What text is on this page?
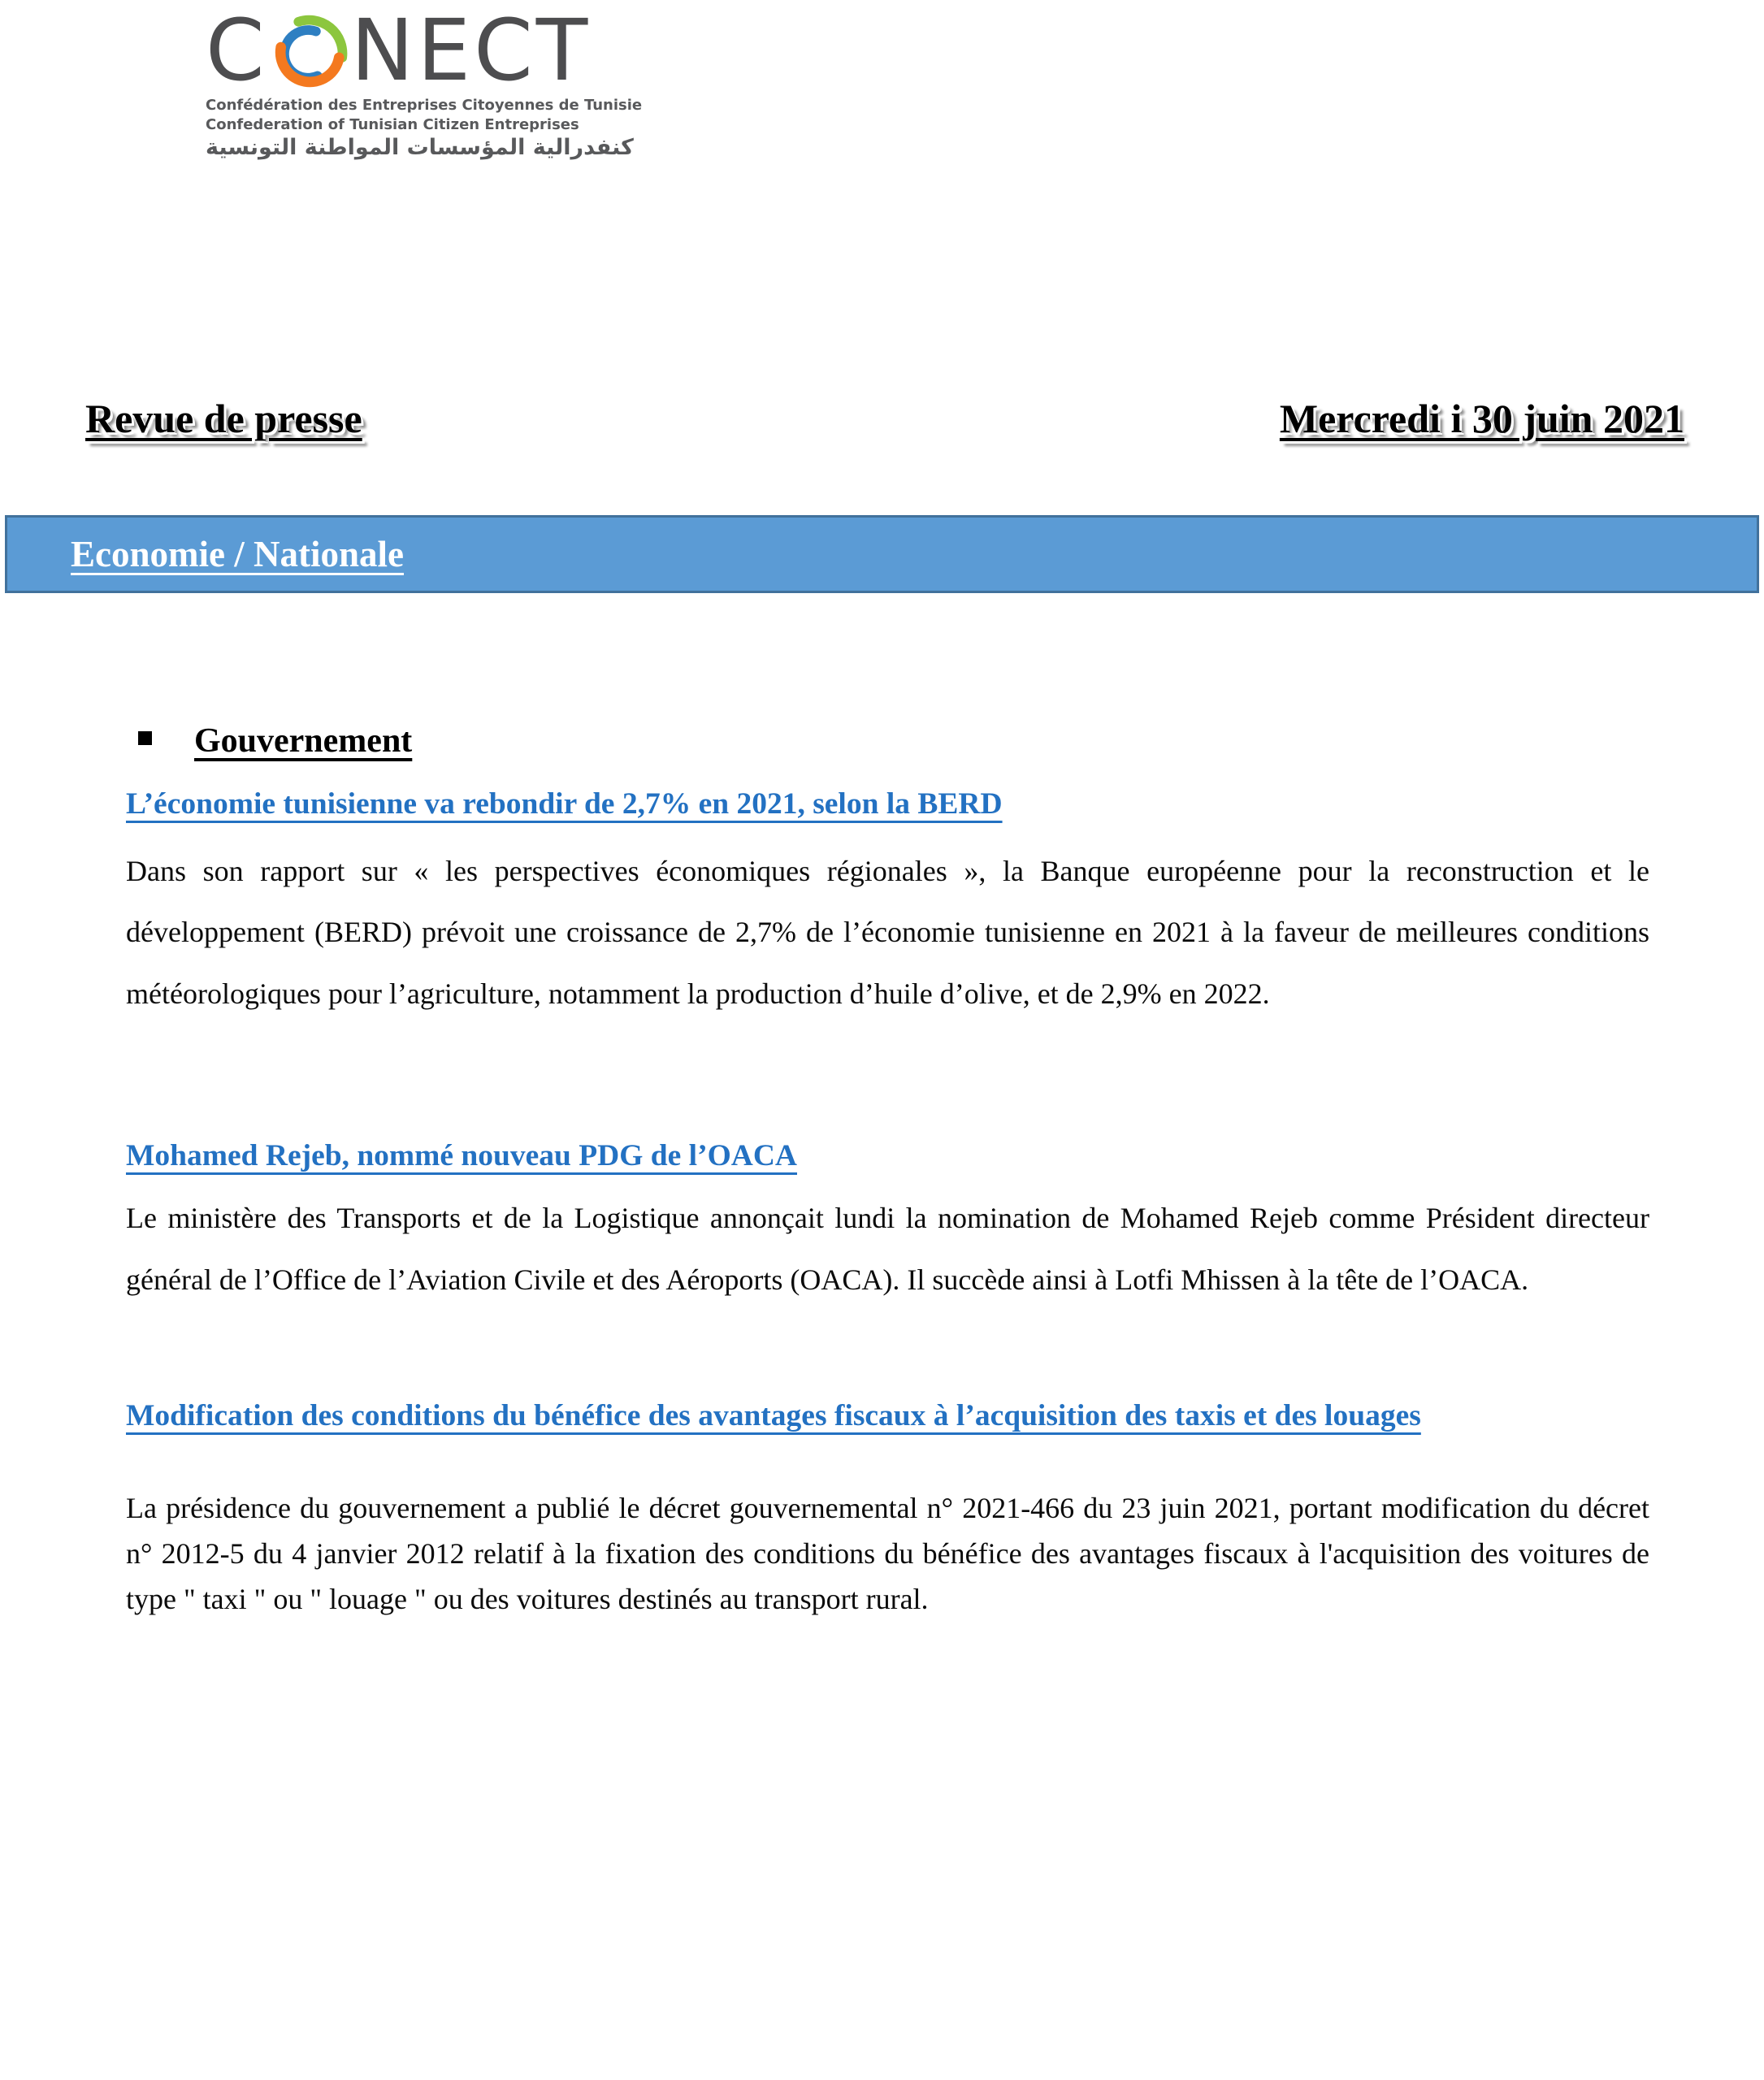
C NECT
Confédération des Entreprises Citoyennes de Tunisie
Confederation of Tunisian Citizen Entreprises
كنفدرالية المؤسسات المواطنة التونسية
Revue de presse	Mercredi i 30 juin 2021
Economie / Nationale
Gouvernement
L’économie tunisienne va rebondir de 2,7% en 2021, selon la BERD
Dans son rapport sur « les perspectives économiques régionales », la Banque européenne pour la reconstruction et le développement (BERD) prévoit une croissance de 2,7% de l’économie tunisienne en 2021 à la faveur de meilleures conditions météorologiques pour l’agriculture, notamment la production d’huile d’olive, et de 2,9% en 2022.
Mohamed Rejeb, nommé nouveau PDG de l’OACA
Le ministère des Transports et de la Logistique annonçait lundi la nomination de Mohamed Rejeb comme Président directeur général de l’Office de l’Aviation Civile et des Aéroports (OACA). Il succède ainsi à Lotfi Mhissen à la tête de l’OACA.
Modification des conditions du bénéfice des avantages fiscaux à l’acquisition des taxis et des louages
La présidence du gouvernement a publié le décret gouvernemental n° 2021-466 du 23 juin 2021, portant modification du décret n° 2012-5 du 4 janvier 2012 relatif à la fixation des conditions du bénéfice des avantages fiscaux à l'acquisition des voitures de type " taxi " ou " louage " ou des voitures destinés au transport rural.
